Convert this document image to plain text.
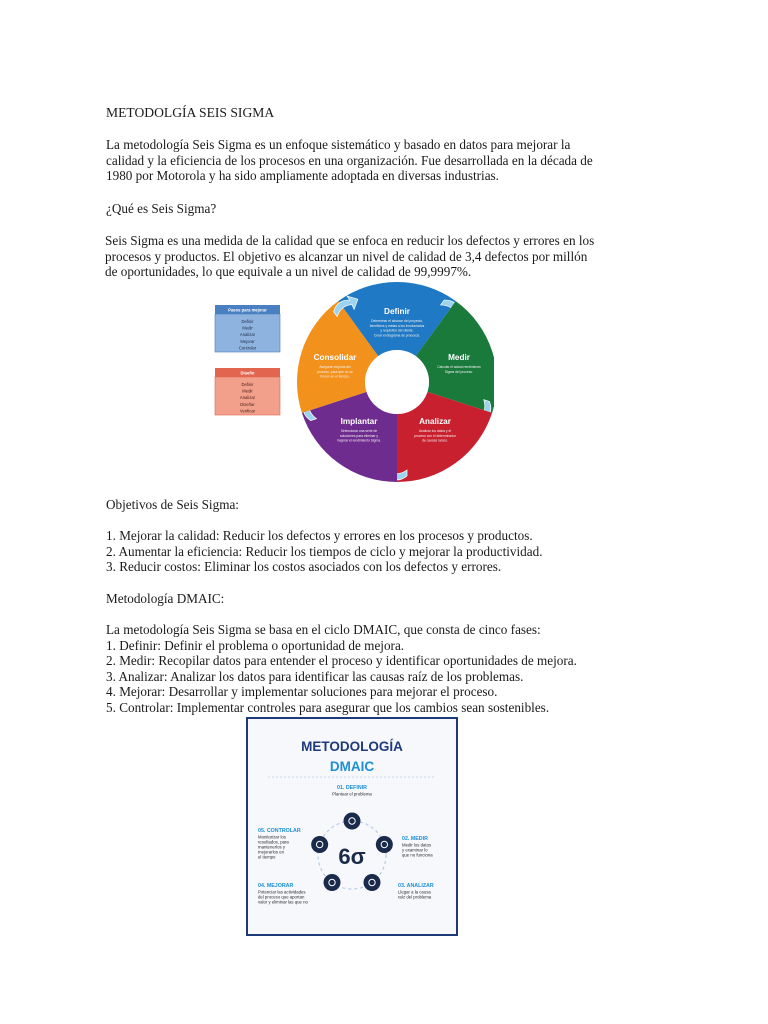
METODOLGÍA SEIS SIGMA

La metodología Seis Sigma es un enfoque sistemático y basado en datos para mejorar la
calidad y la eficiencia de los procesos en una organización. Fue desarrollada en la década de
1980 por Motorola y ha sido ampliamente adoptada en diversas industrias.

¿Qué es Seis Sigma?

Seis Sigma es una medida de la calidad que se enfoca en reducir los defectos y errores en los
procesos y productos. El objetivo es alcanzar un nivel de calidad de 3,4 defectos por millón
de oportunidades, lo que equivale a un nivel de calidad de 99,9997%.
Pasos para mejorar
Definir
Medir
Analizar
Mejorar
Controlar
Diseño
Definir
Medir
Analizar
Diseñar
Verificar
Definir
Determinar el alcance del proyecto,
beneficios y metas a los involucrados
y requisitos del cliente.
Crear el diagrama de procesos.
Medir
Calcular el actual rendimiento
Sigma del proceso.
Analizar
Analizar los datos y el
proceso con el determinador
de causas raíces.
Implantar
Seleccionar una serie de
soluciones para eliminar y
mejorar el rendimiento Sigma.
Consolidar
Asegurar mejoras del
proceso, para que no se
frenen en el tiempo.

Objetivos de Seis Sigma:

1. Mejorar la calidad: Reducir los defectos y errores en los procesos y productos.
2. Aumentar la eficiencia: Reducir los tiempos de ciclo y mejorar la productividad.
3. Reducir costos: Eliminar los costos asociados con los defectos y errores.

Metodología DMAIC:

La metodología Seis Sigma se basa en el ciclo DMAIC, que consta de cinco fases:
1. Definir: Definir el problema o oportunidad de mejora.
2. Medir: Recopilar datos para entender el proceso y identificar oportunidades de mejora.
3. Analizar: Analizar los datos para identificar las causas raíz de los problemas.
4. Mejorar: Desarrollar y implementar soluciones para mejorar el proceso.
5. Controlar: Implementar controles para asegurar que los cambios sean sostenibles.
METODOLOGÍA
DMAIC
6σ
01. DEFINIR
Plantear el problema
02. MEDIR
Medir los datos
y examinar lo
que no funciona
03. ANALIZAR
Llegar a la causa
raíz del problema
04. MEJORAR
Potenciar las actividades
del proceso que aportan
valor y eliminar las que no
05. CONTROLAR
Monitorizar los
resultados, para
mantenerlos y
mejorarlos en
el tiempo
